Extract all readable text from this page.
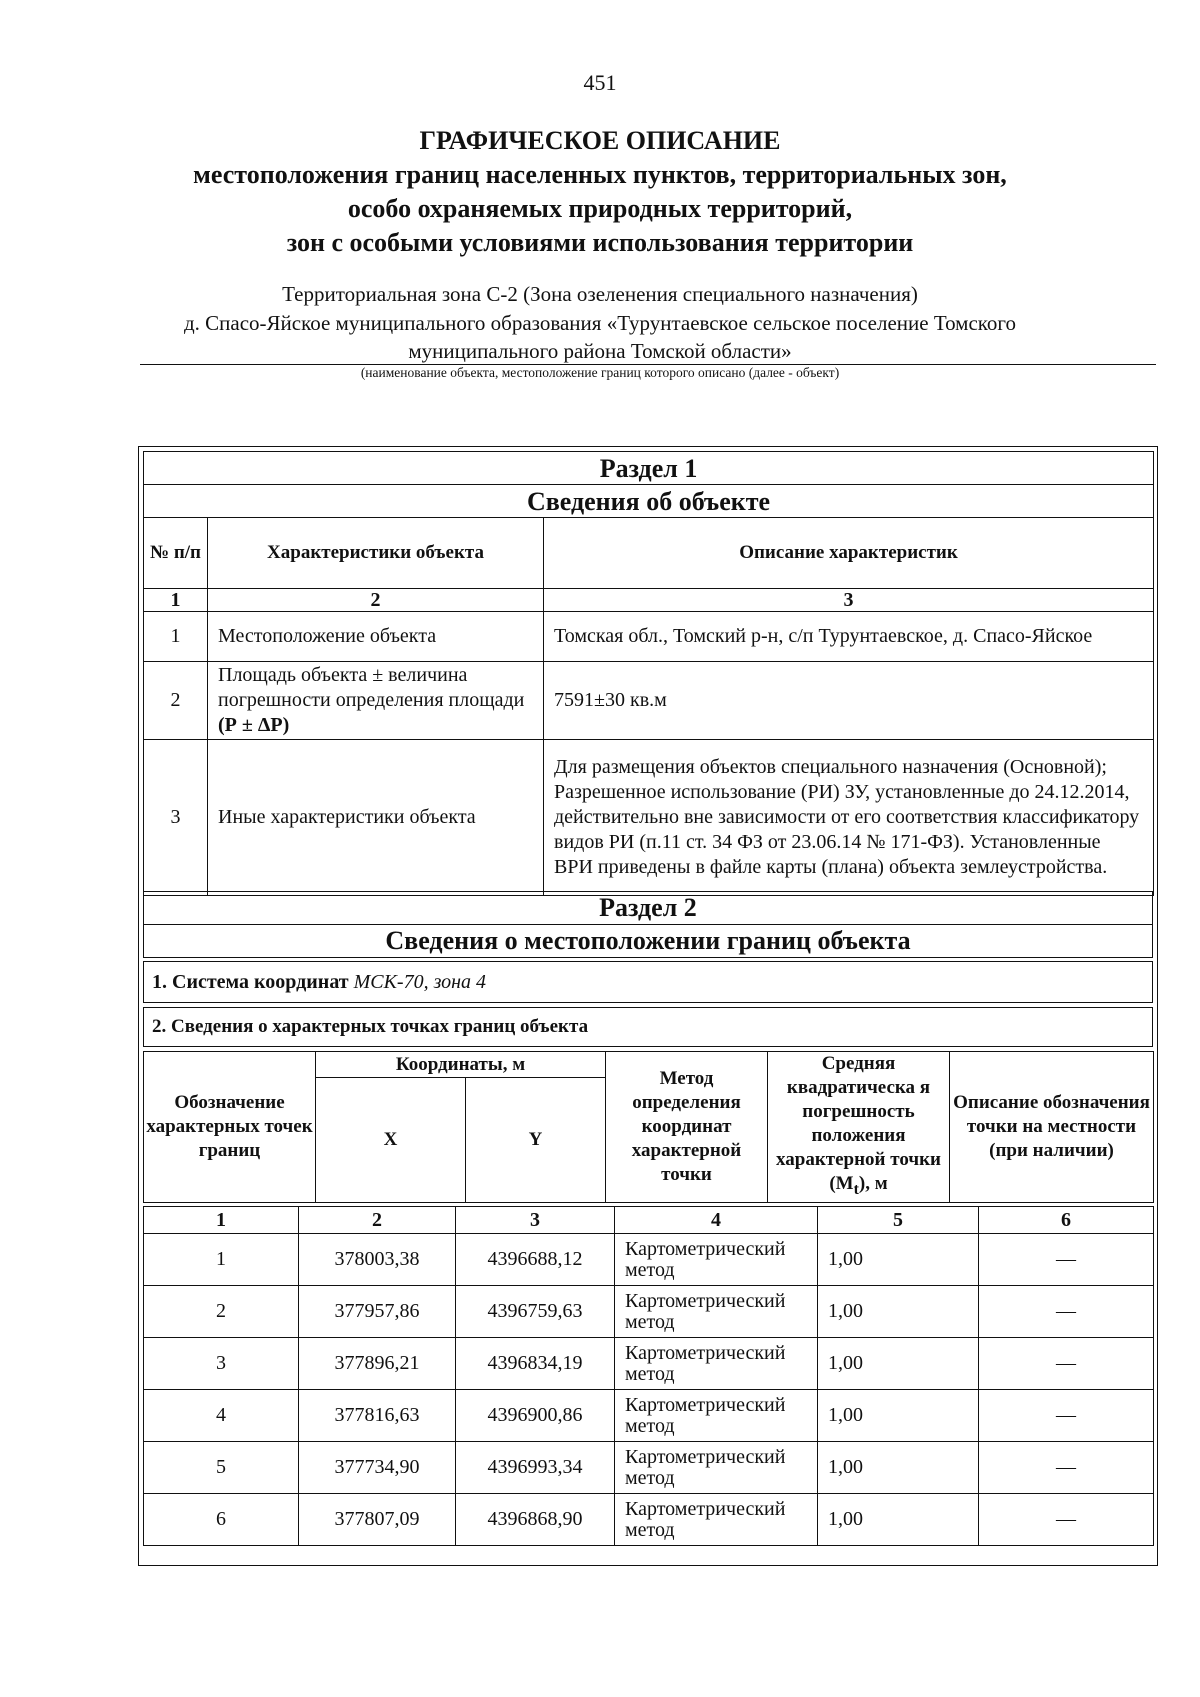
451
ГРАФИЧЕСКОЕ ОПИСАНИЕ
местоположения границ населенных пунктов, территориальных зон,
особо охраняемых природных территорий,
зон с особыми условиями использования территории
Территориальная зона С-2 (Зона озеленения специального назначения)
д. Спасо-Яйское муниципального образования «Турунтаевское сельское поселение Томского
муниципального района Томской области»
(наименование объекта, местоположение границ которого описано (далее - объект)
Раздел 1		
Сведения об объекте		
№ п/п	Характеристики объекта	Описание характеристик
1	2	3
1	Местоположение объекта	Томская обл., Томский р-н, с/п Турунтаевское, д. Спасо-Яйское
2	Площадь объекта ± величина погрешности определения площади (Р ± ΔР)	7591±30 кв.м
3	Иные характеристики объекта	Для размещения объектов специального назначения (Основной); Разрешенное использование (РИ) ЗУ, установленные до 24.12.2014, действительно вне зависимости от его соответствия классификатору видов РИ (п.11 ст. 34 ФЗ от 23.06.14 № 171-ФЗ). Установленные ВРИ приведены в файле карты (плана) объекта землеустройства.
Раздел 2
Сведения о местоположении границ объекта
1. Система координат МСК-70, зона 4
2. Сведения о характерных точках границ объекта
Обозначение характерных точек границ	Координаты, м		Метод определения координат характерной точки	Средняя квадратическа я погрешность положения характерной точки $(M_t)$, м	Описание обозначения точки на местности (при наличии)
	X	Y			
1	2	3	4	5	6
1	378003,38	4396688,12	Картометрический метод	1,00	—
2	377957,86	4396759,63	Картометрический метод	1,00	—
3	377896,21	4396834,19	Картометрический метод	1,00	—
4	377816,63	4396900,86	Картометрический метод	1,00	—
5	377734,90	4396993,34	Картометрический метод	1,00	—
6	377807,09	4396868,90	Картометрический метод	1,00	—
